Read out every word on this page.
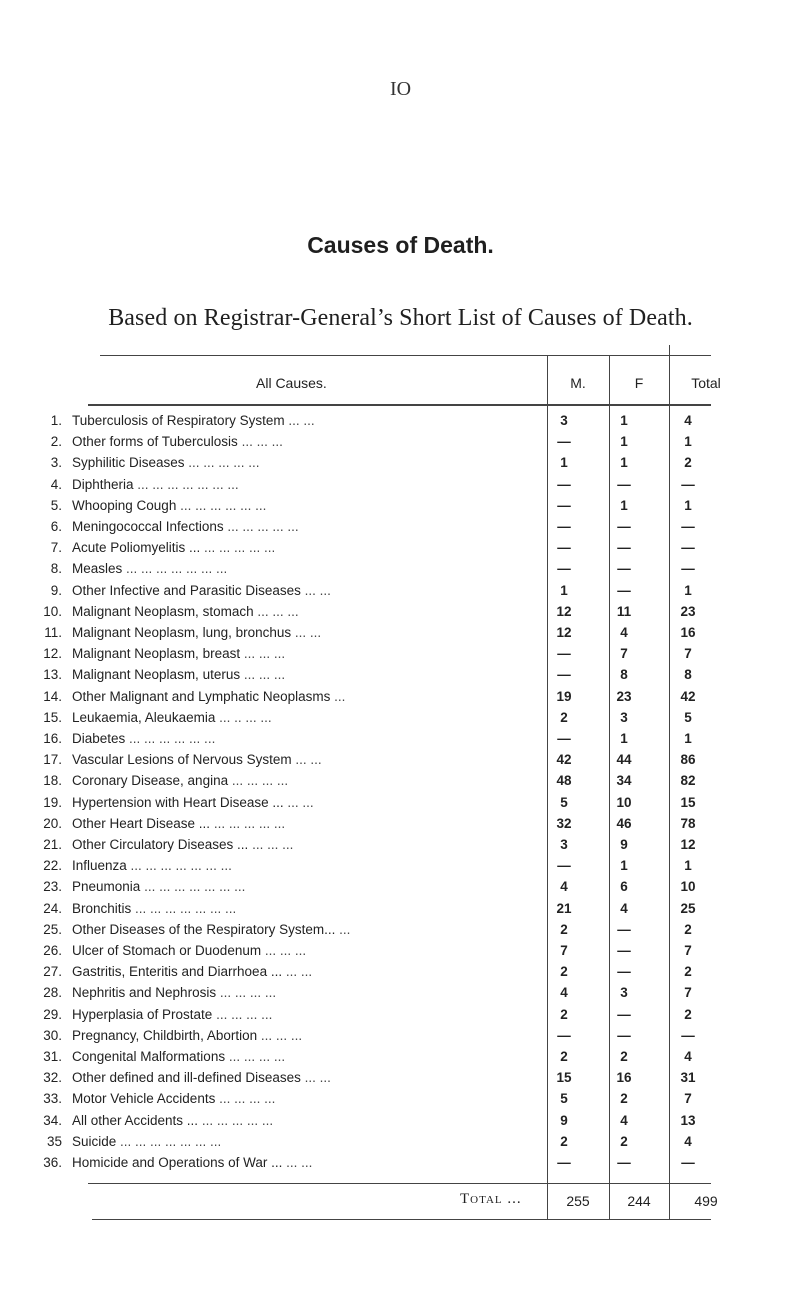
IO
Causes of Death.
Based on Registrar-General’s Short List of Causes of Death.
All Causes.	M.	F	Total
1. Tuberculosis of Respiratory System ... ...	3	1	4
2. Other forms of Tuberculosis ... ... ...	—	1	1
3. Syphilitic Diseases ... ... ... ... ...	1	1	2
4. Diphtheria ... ... ... ... ... ... ...	—	—	—
5. Whooping Cough ... ... ... ... ... ...	—	1	1
6. Meningococcal Infections ... ... ... ... ...	—	—	—
7. Acute Poliomyelitis ... ... ... ... ... ...	—	—	—
8. Measles ... ... ... ... ... ... ...	—	—	—
9. Other Infective and Parasitic Diseases ... ...	1	—	1
10. Malignant Neoplasm, stomach ... ... ...	12	11	23
11. Malignant Neoplasm, lung, bronchus ... ...	12	4	16
12. Malignant Neoplasm, breast ... ... ...	—	7	7
13. Malignant Neoplasm, uterus ... ... ...	—	8	8
14. Other Malignant and Lymphatic Neoplasms ...	19	23	42
15. Leukaemia, Aleukaemia ... .. ... ...	2	3	5
16. Diabetes ... ... ... ... ... ...	—	1	1
17. Vascular Lesions of Nervous System ... ...	42	44	86
18. Coronary Disease, angina ... ... ... ...	48	34	82
19. Hypertension with Heart Disease ... ... ...	5	10	15
20. Other Heart Disease ... ... ... ... ... ...	32	46	78
21. Other Circulatory Diseases ... ... ... ...	3	9	12
22. Influenza ... ... ... ... ... ... ...	—	1	1
23. Pneumonia ... ... ... ... ... ... ...	4	6	10
24. Bronchitis ... ... ... ... ... ... ...	21	4	25
25. Other Diseases of the Respiratory System... ...	2	—	2
26. Ulcer of Stomach or Duodenum ... ... ...	7	—	7
27. Gastritis, Enteritis and Diarrhoea ... ... ...	2	—	2
28. Nephritis and Nephrosis ... ... ... ...	4	3	7
29. Hyperplasia of Prostate ... ... ... ...	2	—	2
30. Pregnancy, Childbirth, Abortion ... ... ...	—	—	—
31. Congenital Malformations ... ... ... ...	2	2	4
32. Other defined and ill-defined Diseases ... ...	15	16	31
33. Motor Vehicle Accidents ... ... ... ...	5	2	7
34. All other Accidents ... ... ... ... ... ...	9	4	13
35 Suicide ... ... ... ... ... ... ...	2	2	4
36. Homicide and Operations of War ... ... ...	—	—	—
Total ...	255	244	499
